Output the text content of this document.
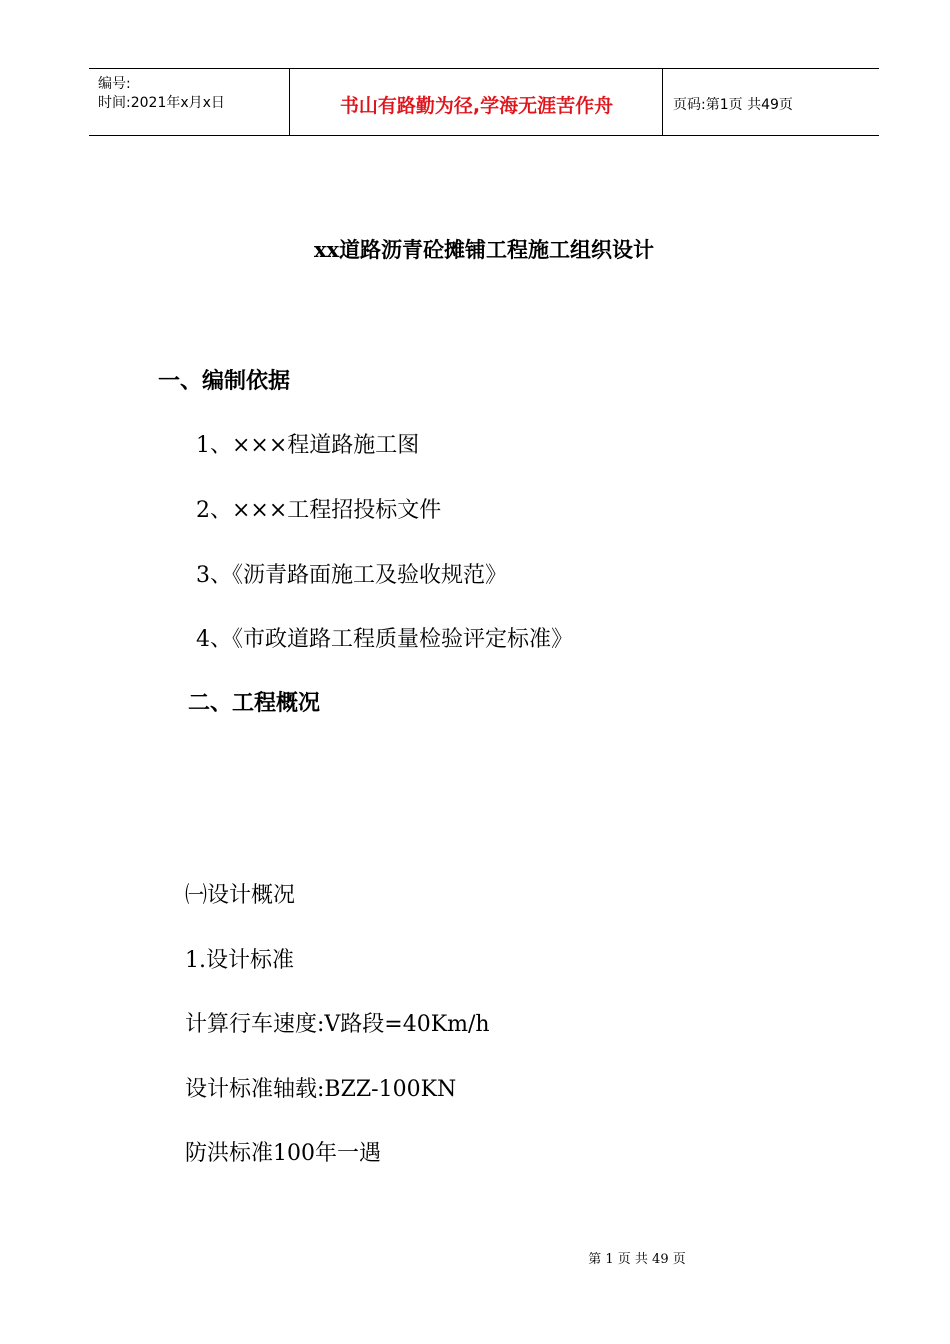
编号:
时间:2021年x月x日	书山有路勤为径,学海无涯苦作舟	页码:第1页 共49页
xx道路沥青砼摊铺工程施工组织设计
一、编制依据
1、×××程道路施工图
2、×××工程招投标文件
3、《沥青路面施工及验收规范》
4、《市政道路工程质量检验评定标准》
二、工程概况
㈠设计概况
1.设计标准
计算行车速度:V路段=40Km/h
设计标准轴载:BZZ-100KN
防洪标准100年一遇
第 1 页 共 49 页
